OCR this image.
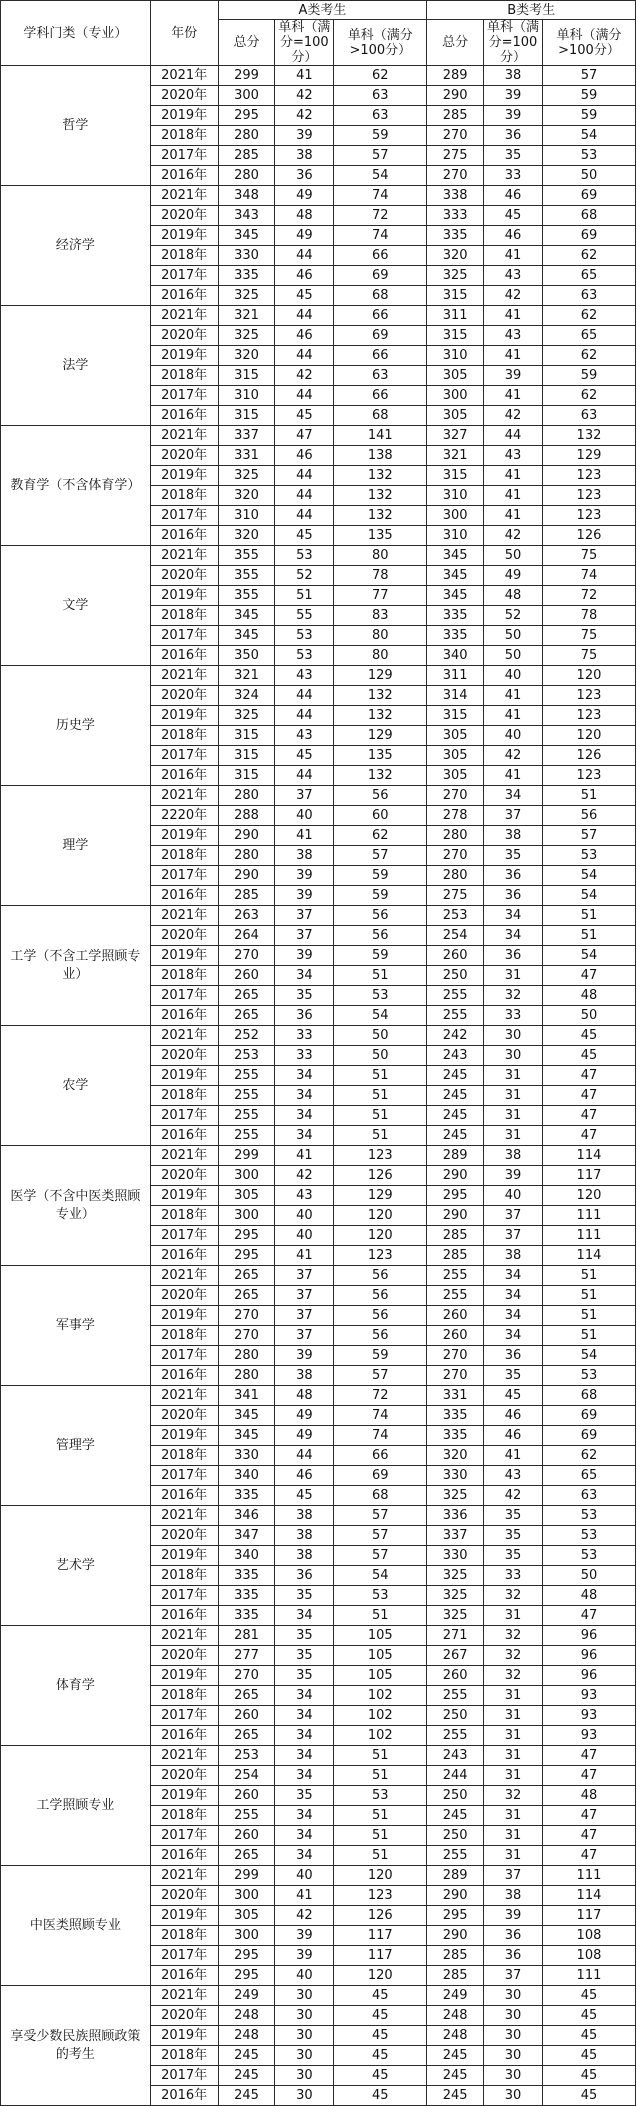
学科门类（专业）	年份	A类考生			B类考生		
		总分	单科（满分=100分）	单科（满分>100分）	总分	单科（满分=100分）	单科（满分>100分）
哲学	2021年	299	41	62	289	38	57
	2020年	300	42	63	290	39	59
	2019年	295	42	63	285	39	59
	2018年	280	39	59	270	36	54
	2017年	285	38	57	275	35	53
	2016年	280	36	54	270	33	50
经济学	2021年	348	49	74	338	46	69
	2020年	343	48	72	333	45	68
	2019年	345	49	74	335	46	69
	2018年	330	44	66	320	41	62
	2017年	335	46	69	325	43	65
	2016年	325	45	68	315	42	63
法学	2021年	321	44	66	311	41	62
	2020年	325	46	69	315	43	65
	2019年	320	44	66	310	41	62
	2018年	315	42	63	305	39	59
	2017年	310	44	66	300	41	62
	2016年	315	45	68	305	42	63
教育学（不含体育学）	2021年	337	47	141	327	44	132
	2020年	331	46	138	321	43	129
	2019年	325	44	132	315	41	123
	2018年	320	44	132	310	41	123
	2017年	310	44	132	300	41	123
	2016年	320	45	135	310	42	126
文学	2021年	355	53	80	345	50	75
	2020年	355	52	78	345	49	74
	2019年	355	51	77	345	48	72
	2018年	345	55	83	335	52	78
	2017年	345	53	80	335	50	75
	2016年	350	53	80	340	50	75
历史学	2021年	321	43	129	311	40	120
	2020年	324	44	132	314	41	123
	2019年	325	44	132	315	41	123
	2018年	315	43	129	305	40	120
	2017年	315	45	135	305	42	126
	2016年	315	44	132	305	41	123
理学	2021年	280	37	56	270	34	51
	2220年	288	40	60	278	37	56
	2019年	290	41	62	280	38	57
	2018年	280	38	57	270	35	53
	2017年	290	39	59	280	36	54
	2016年	285	39	59	275	36	54
工学（不含工学照顾专业）	2021年	263	37	56	253	34	51
	2020年	264	37	56	254	34	51
	2019年	270	39	59	260	36	54
	2018年	260	34	51	250	31	47
	2017年	265	35	53	255	32	48
	2016年	265	36	54	255	33	50
农学	2021年	252	33	50	242	30	45
	2020年	253	33	50	243	30	45
	2019年	255	34	51	245	31	47
	2018年	255	34	51	245	31	47
	2017年	255	34	51	245	31	47
	2016年	255	34	51	245	31	47
医学（不含中医类照顾专业）	2021年	299	41	123	289	38	114
	2020年	300	42	126	290	39	117
	2019年	305	43	129	295	40	120
	2018年	300	40	120	290	37	111
	2017年	295	40	120	285	37	111
	2016年	295	41	123	285	38	114
军事学	2021年	265	37	56	255	34	51
	2020年	265	37	56	255	34	51
	2019年	270	37	56	260	34	51
	2018年	270	37	56	260	34	51
	2017年	280	39	59	270	36	54
	2016年	280	38	57	270	35	53
管理学	2021年	341	48	72	331	45	68
	2020年	345	49	74	335	46	69
	2019年	345	49	74	335	46	69
	2018年	330	44	66	320	41	62
	2017年	340	46	69	330	43	65
	2016年	335	45	68	325	42	63
艺术学	2021年	346	38	57	336	35	53
	2020年	347	38	57	337	35	53
	2019年	340	38	57	330	35	53
	2018年	335	36	54	325	33	50
	2017年	335	35	53	325	32	48
	2016年	335	34	51	325	31	47
体育学	2021年	281	35	105	271	32	96
	2020年	277	35	105	267	32	96
	2019年	270	35	105	260	32	96
	2018年	265	34	102	255	31	93
	2017年	260	34	102	250	31	93
	2016年	265	34	102	255	31	93
工学照顾专业	2021年	253	34	51	243	31	47
	2020年	254	34	51	244	31	47
	2019年	260	35	53	250	32	48
	2018年	255	34	51	245	31	47
	2017年	260	34	51	250	31	47
	2016年	265	34	51	255	31	47
中医类照顾专业	2021年	299	40	120	289	37	111
	2020年	300	41	123	290	38	114
	2019年	305	42	126	295	39	117
	2018年	300	39	117	290	36	108
	2017年	295	39	117	285	36	108
	2016年	295	40	120	285	37	111
享受少数民族照顾政策的考生	2021年	249	30	45	249	30	45
	2020年	248	30	45	248	30	45
	2019年	248	30	45	248	30	45
	2018年	245	30	45	245	30	45
	2017年	245	30	45	245	30	45
	2016年	245	30	45	245	30	45
